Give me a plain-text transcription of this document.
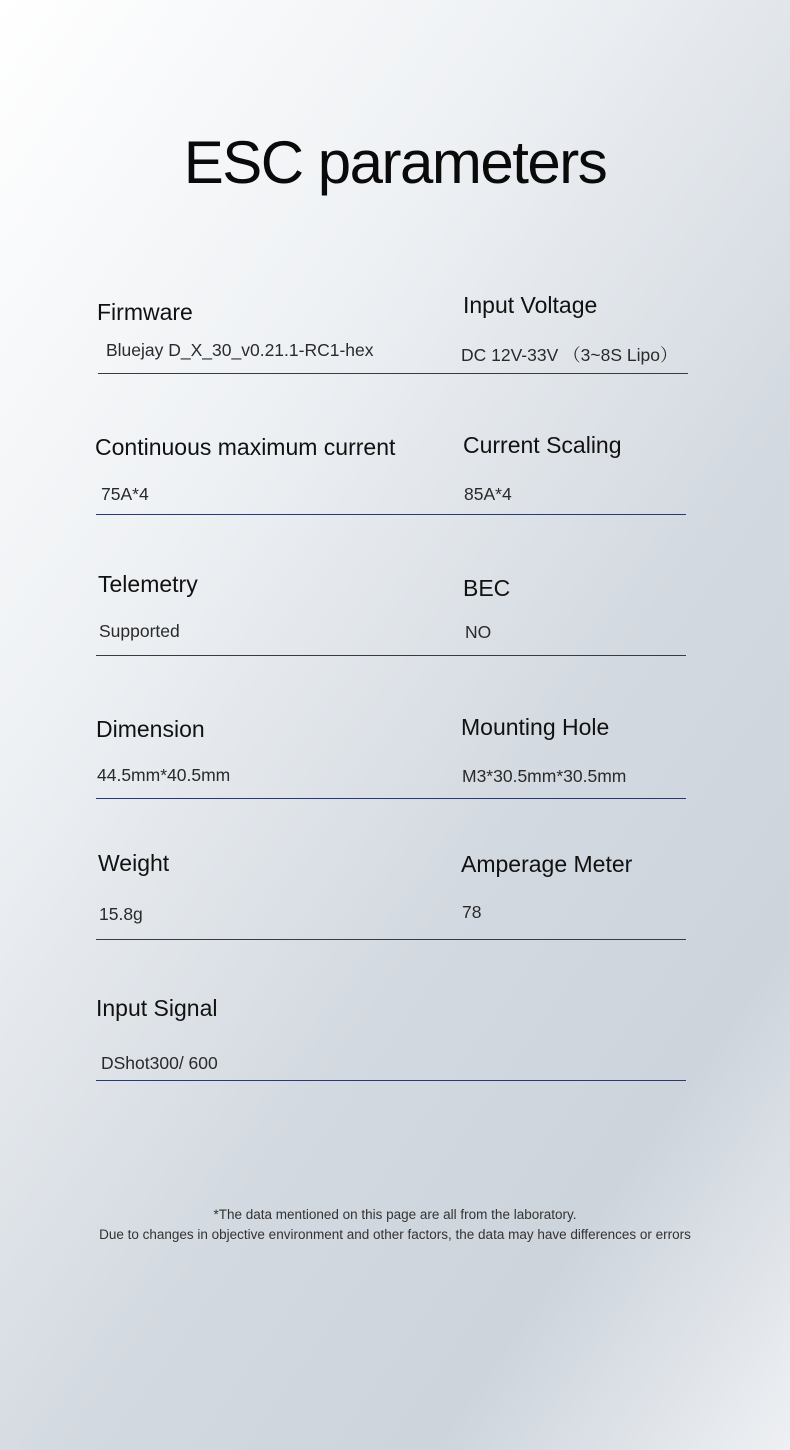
ESC parameters
Firmware
Bluejay D_X_30_v0.21.1-RC1-hex
Input Voltage
DC 12V-33V （3~8S Lipo）
Continuous maximum current
75A*4
Current Scaling
85A*4
Telemetry
Supported
BEC
NO
Dimension
44.5mm*40.5mm
Mounting Hole
M3*30.5mm*30.5mm
Weight
15.8g
Amperage Meter
78
Input Signal
DShot300/ 600
*The data mentioned on this page are all from the laboratory.
Due to changes in objective environment and other factors, the data may have differences or errors
